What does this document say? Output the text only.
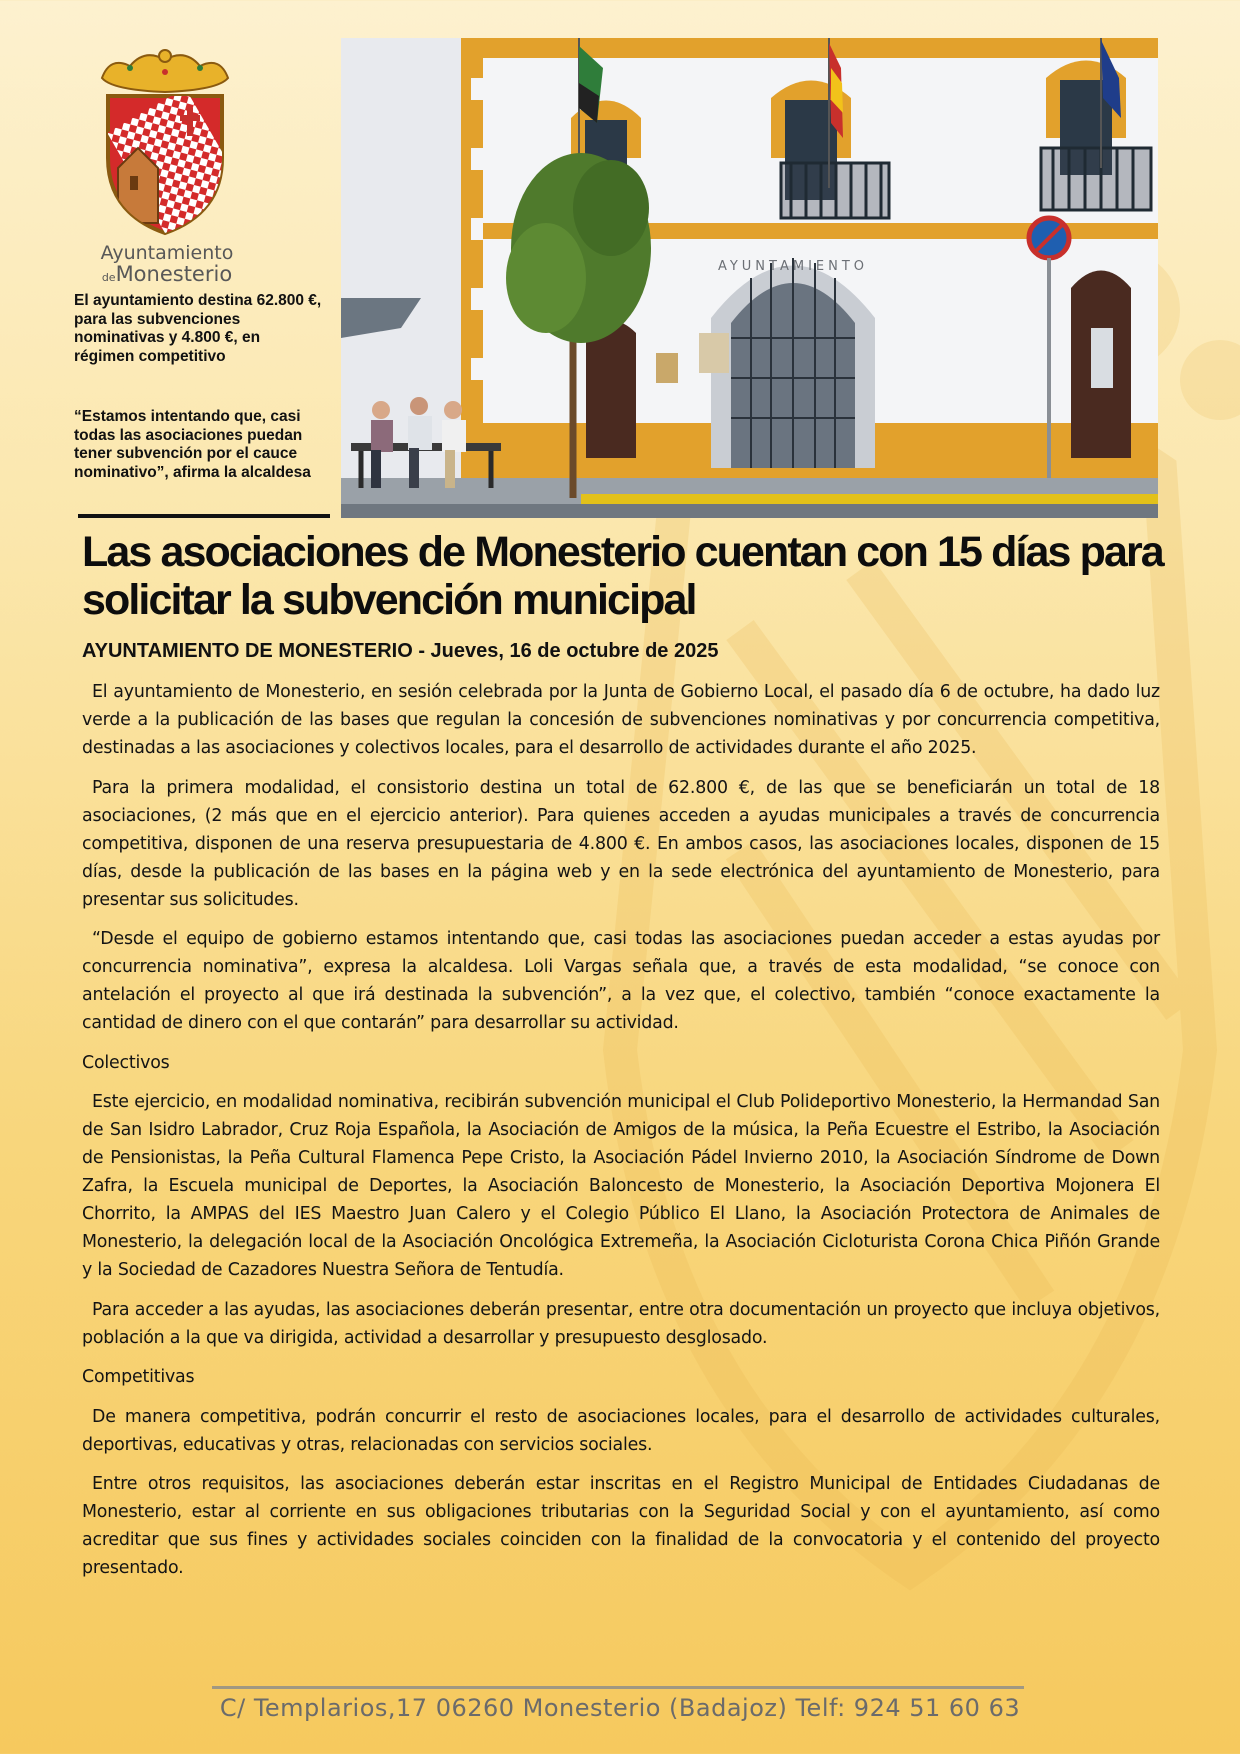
Ayuntamiento
deMonesterio

El ayuntamiento destina 62.800 €, para las subvenciones nominativas y 4.800 €, en régimen competitivo

“Estamos intentando que, casi todas las asociaciones puedan tener subvención por el cauce nominativo”, afirma la alcaldesa

AYUNTAMIENTO
Las asociaciones de Monesterio cuentan con 15 días para solicitar la subvención municipal

AYUNTAMIENTO DE MONESTERIO - Jueves, 16 de octubre de 2025

El ayuntamiento de Monesterio, en sesión celebrada por la Junta de Gobierno Local, el pasado día 6 de octubre, ha dado luz verde a la publicación de las bases que regulan la concesión de subvenciones nominativas y por concurrencia competitiva, destinadas a las asociaciones y colectivos locales, para el desarrollo de actividades durante el año 2025.

Para la primera modalidad, el consistorio destina un total de 62.800 €, de las que se beneficiarán un total de 18 asociaciones, (2 más que en el ejercicio anterior). Para quienes acceden a ayudas municipales a través de concurrencia competitiva, disponen de una reserva presupuestaria de 4.800 €. En ambos casos, las asociaciones locales, disponen de 15 días, desde la publicación de las bases en la página web y en la sede electrónica del ayuntamiento de Monesterio, para presentar sus solicitudes.

“Desde el equipo de gobierno estamos intentando que, casi todas las asociaciones puedan acceder a estas ayudas por concurrencia nominativa”, expresa la alcaldesa. Loli Vargas señala que, a través de esta modalidad, “se conoce con antelación el proyecto al que irá destinada la subvención”, a la vez que, el colectivo, también “conoce exactamente la cantidad de dinero con el que contarán” para desarrollar su actividad.

Colectivos

Este ejercicio, en modalidad nominativa, recibirán subvención municipal el Club Polideportivo Monesterio, la Hermandad San de San Isidro Labrador, Cruz Roja Española, la Asociación de Amigos de la música, la Peña Ecuestre el Estribo, la Asociación de Pensionistas, la Peña Cultural Flamenca Pepe Cristo, la Asociación Pádel Invierno 2010, la Asociación Síndrome de Down Zafra, la Escuela municipal de Deportes, la Asociación Baloncesto de Monesterio, la Asociación Deportiva Mojonera El Chorrito, la AMPAS del IES Maestro Juan Calero y el Colegio Público El Llano, la Asociación Protectora de Animales de Monesterio, la delegación local de la Asociación Oncológica Extremeña, la Asociación Cicloturista Corona Chica Piñón Grande y la Sociedad de Cazadores Nuestra Señora de Tentudía.

Para acceder a las ayudas, las asociaciones deberán presentar, entre otra documentación un proyecto que incluya objetivos, población a la que va dirigida, actividad a desarrollar y presupuesto desglosado.

Competitivas

De manera competitiva, podrán concurrir el resto de asociaciones locales, para el desarrollo de actividades culturales, deportivas, educativas y otras, relacionadas con servicios sociales.

Entre otros requisitos, las asociaciones deberán estar inscritas en el Registro Municipal de Entidades Ciudadanas de Monesterio, estar al corriente en sus obligaciones tributarias con la Seguridad Social y con el ayuntamiento, así como acreditar que sus fines y actividades sociales coinciden con la finalidad de la convocatoria y el contenido del proyecto presentado.

C/ Templarios,17 06260 Monesterio (Badajoz) Telf: 924 51 60 63
